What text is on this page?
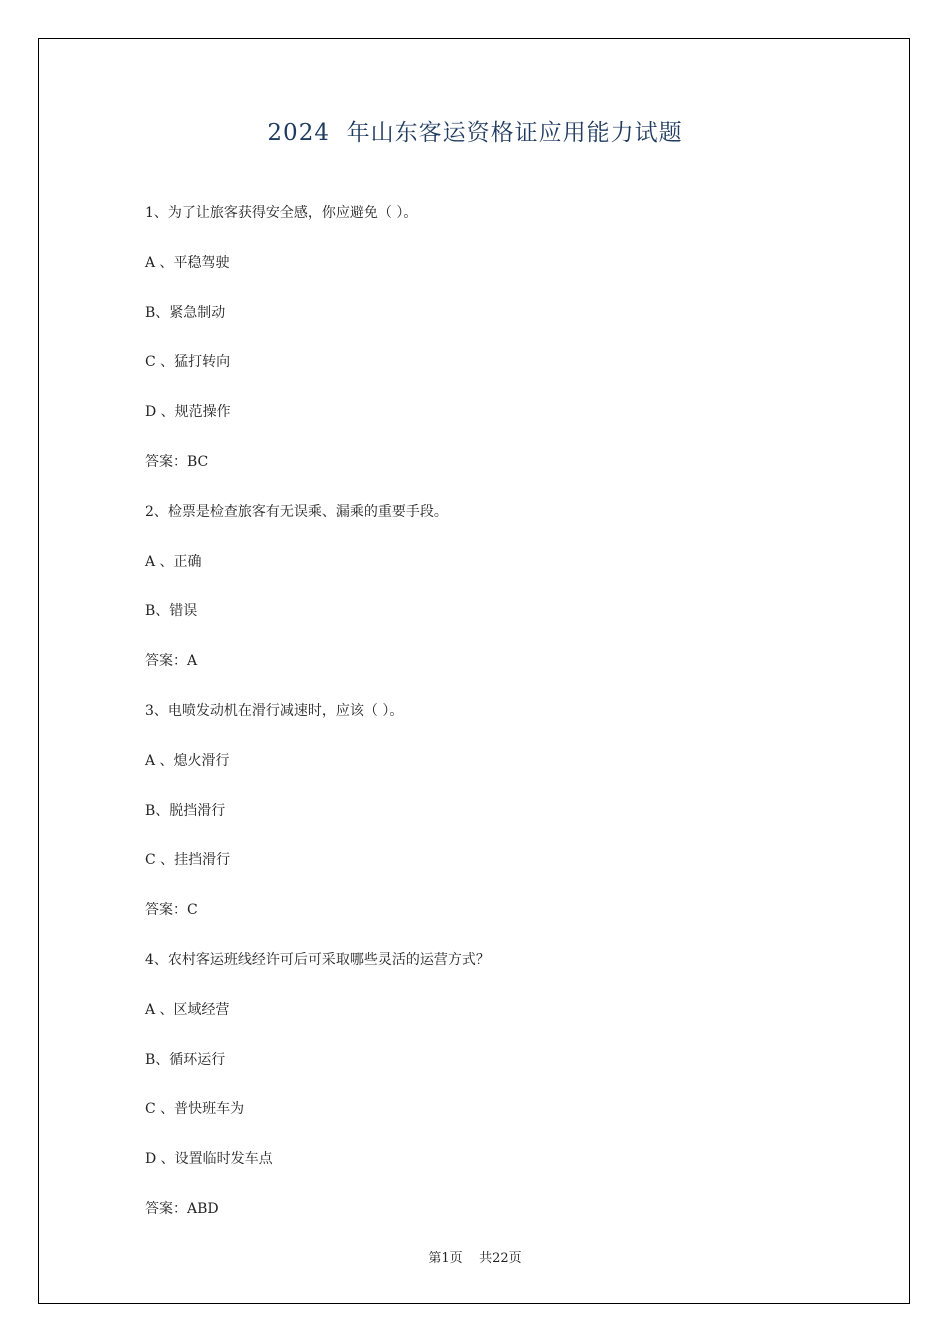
2024  年山东客运资格证应用能力试题
1、为了让旅客获得安全感，你应避免（ ）。
A 、平稳驾驶
B、紧急制动
C 、猛打转向
D 、规范操作
答案：BC
2、检票是检查旅客有无误乘、漏乘的重要手段。
A 、正确
B、错误
答案：A
3、电喷发动机在滑行减速时，应该（ ）。
A 、熄火滑行
B、脱挡滑行
C 、挂挡滑行
答案：C
4、农村客运班线经许可后可采取哪些灵活的运营方式？
A 、区域经营
B、循环运行
C 、普快班车为
D 、设置临时发车点
答案：ABD
第1页    共22页
